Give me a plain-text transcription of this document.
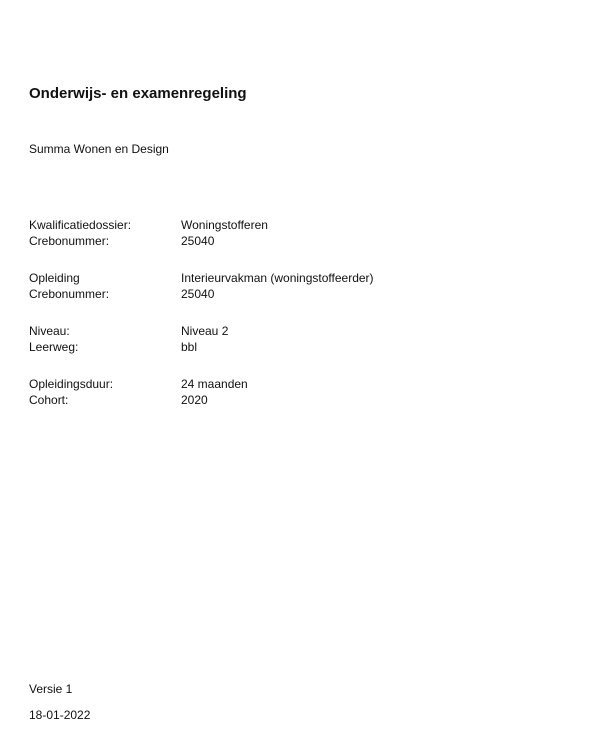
Onderwijs- en examenregeling
Summa Wonen en Design
Kwalificatiedossier:	Woningstofferen
Crebonummer:	25040
Opleiding	Interieurvakman (woningstoffeerder)
Crebonummer:	25040
Niveau:	Niveau 2
Leerweg:	bbl
Opleidingsduur:	24 maanden
Cohort:	2020
Versie 1
18-01-2022
